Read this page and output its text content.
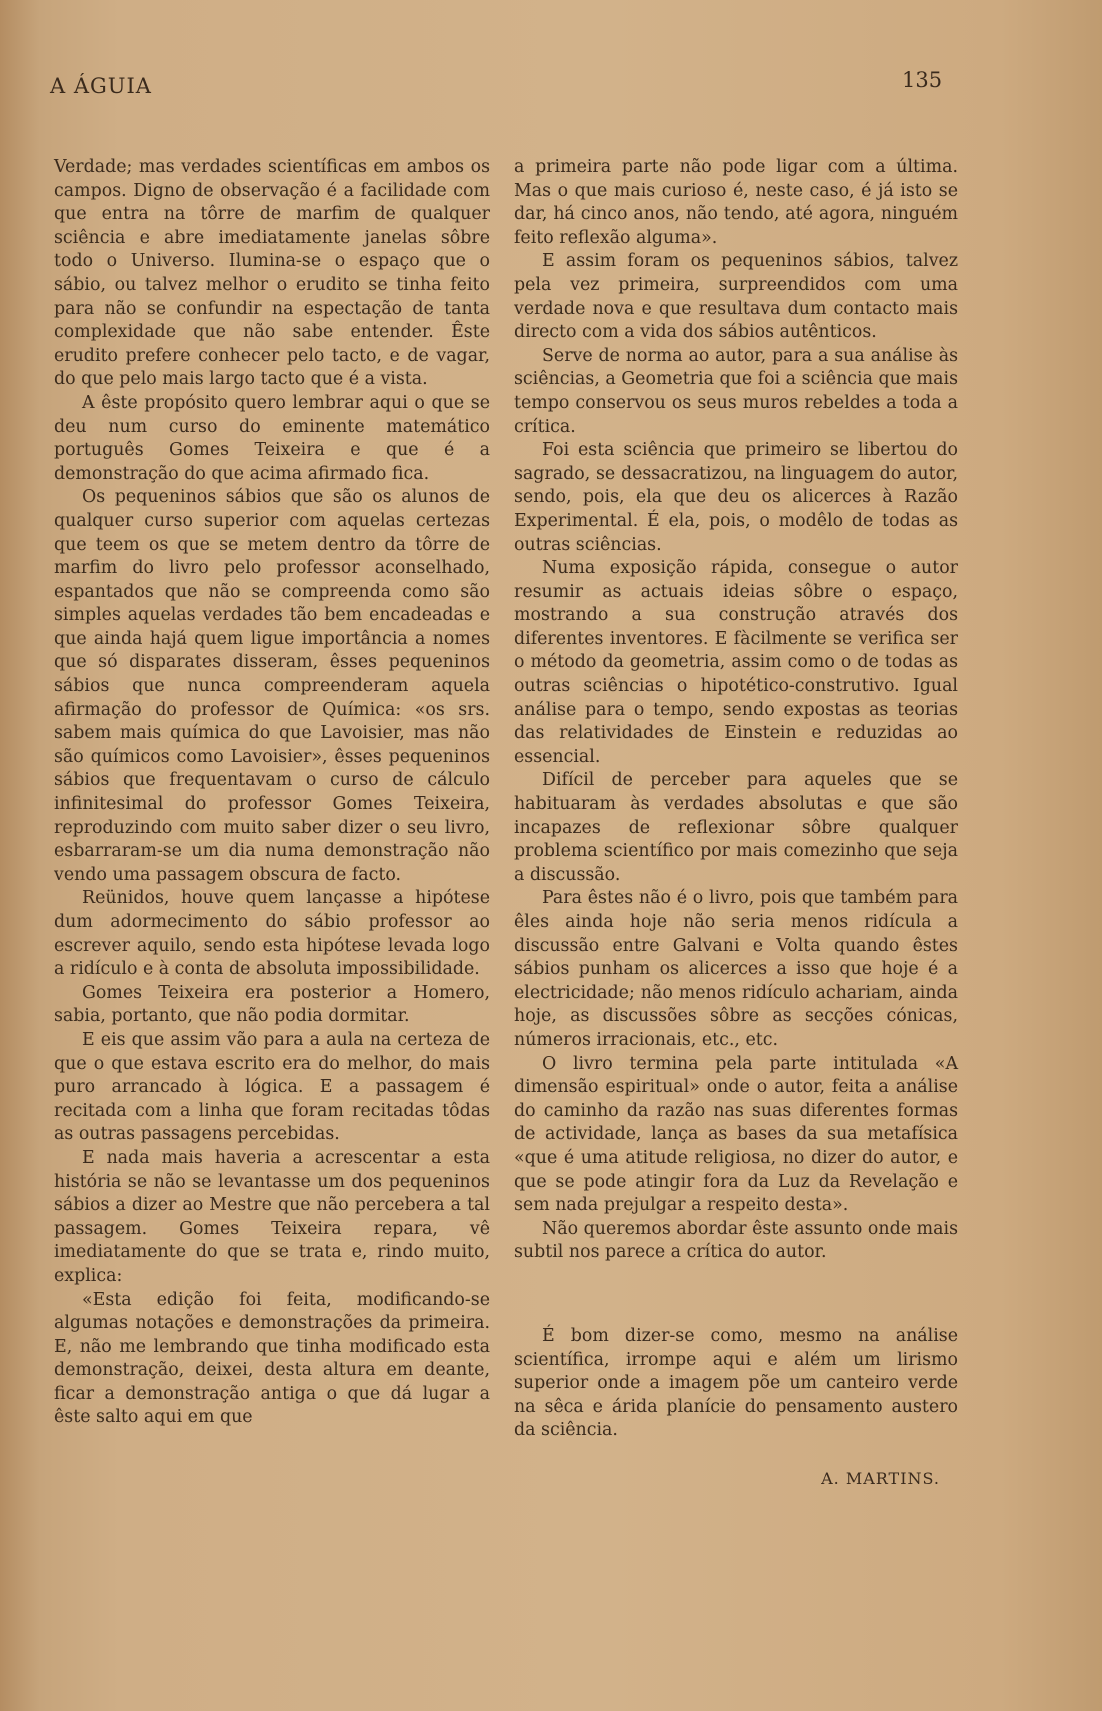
A ÁGUIA	135

Verdade; mas verdades scientíficas em ambos os campos. Digno de observação é a facilidade com que entra na tôrre de marfim de qualquer sciência e abre imediatamente janelas sôbre todo o Universo. Ilumina-se o espaço que o sábio, ou talvez melhor o erudito se tinha feito para não se confundir na espectação de tanta complexidade que não sabe entender. Êste erudito prefere conhecer pelo tacto, e de vagar, do que pelo mais largo tacto que é a vista.

A êste propósito quero lembrar aqui o que se deu num curso do eminente matemático português Gomes Teixeira e que é a demonstração do que acima afirmado fica.

Os pequeninos sábios que são os alunos de qualquer curso superior com aquelas certezas que teem os que se metem dentro da tôrre de marfim do livro pelo professor aconselhado, espantados que não se compreenda como são simples aquelas verdades tão bem encadeadas e que ainda hajá quem ligue importância a nomes que só disparates disseram, êsses pequeninos sábios que nunca compreenderam aquela afirmação do professor de Química: «os srs. sabem mais química do que Lavoisier, mas não são químicos como Lavoisier», êsses pequeninos sábios que frequentavam o curso de cálculo infinitesimal do professor Gomes Teixeira, reproduzindo com muito saber dizer o seu livro, esbarraram-se um dia numa demonstração não vendo uma passagem obscura de facto.

Reünidos, houve quem lançasse a hipótese dum adormecimento do sábio professor ao escrever aquilo, sendo esta hipótese levada logo a ridículo e à conta de absoluta impossibilidade.

Gomes Teixeira era posterior a Homero, sabia, portanto, que não podia dormitar.

E eis que assim vão para a aula na certeza de que o que estava escrito era do melhor, do mais puro arrancado à lógica. E a passagem é recitada com a linha que foram recitadas tôdas as outras passagens percebidas.

E nada mais haveria a acrescentar a esta história se não se levantasse um dos pequeninos sábios a dizer ao Mestre que não percebera a tal passagem. Gomes Teixeira repara, vê imediatamente do que se trata e, rindo muito, explica:

«Esta edição foi feita, modificando-se algumas notações e demonstrações da primeira. E, não me lembrando que tinha modificado esta demonstração, deixei, desta altura em deante, ficar a demonstração antiga o que dá lugar a êste salto aqui em que

a primeira parte não pode ligar com a última. Mas o que mais curioso é, neste caso, é já isto se dar, há cinco anos, não tendo, até agora, ninguém feito reflexão alguma».

E assim foram os pequeninos sábios, talvez pela vez primeira, surpreendidos com uma verdade nova e que resultava dum contacto mais directo com a vida dos sábios autênticos.

Serve de norma ao autor, para a sua análise às sciências, a Geometria que foi a sciência que mais tempo conservou os seus muros rebeldes a toda a crítica.

Foi esta sciência que primeiro se libertou do sagrado, se dessacratizou, na linguagem do autor, sendo, pois, ela que deu os alicerces à Razão Experimental. É ela, pois, o modêlo de todas as outras sciências.

Numa exposição rápida, consegue o autor resumir as actuais ideias sôbre o espaço, mostrando a sua construção através dos diferentes inventores. E fàcilmente se verifica ser o método da geometria, assim como o de todas as outras sciências o hipotético-construtivo. Igual análise para o tempo, sendo expostas as teorias das relatividades de Einstein e reduzidas ao essencial.

Difícil de perceber para aqueles que se habituaram às verdades absolutas e que são incapazes de reflexionar sôbre qualquer problema scientífico por mais comezinho que seja a discussão.

Para êstes não é o livro, pois que também para êles ainda hoje não seria menos ridícula a discussão entre Galvani e Volta quando êstes sábios punham os alicerces a isso que hoje é a electricidade; não menos ridículo achariam, ainda hoje, as discussões sôbre as secções cónicas, números irracionais, etc., etc.

O livro termina pela parte intitulada «A dimensão espiritual» onde o autor, feita a análise do caminho da razão nas suas diferentes formas de actividade, lança as bases da sua metafísica «que é uma atitude religiosa, no dizer do autor, e que se pode atingir fora da Luz da Revelação e sem nada prejulgar a respeito desta».

Não queremos abordar êste assunto onde mais subtil nos parece a crítica do autor.

É bom dizer-se como, mesmo na análise scientífica, irrompe aqui e além um lirismo superior onde a imagem põe um canteiro verde na sêca e árida planície do pensamento austero da sciência.

A. MARTINS.
